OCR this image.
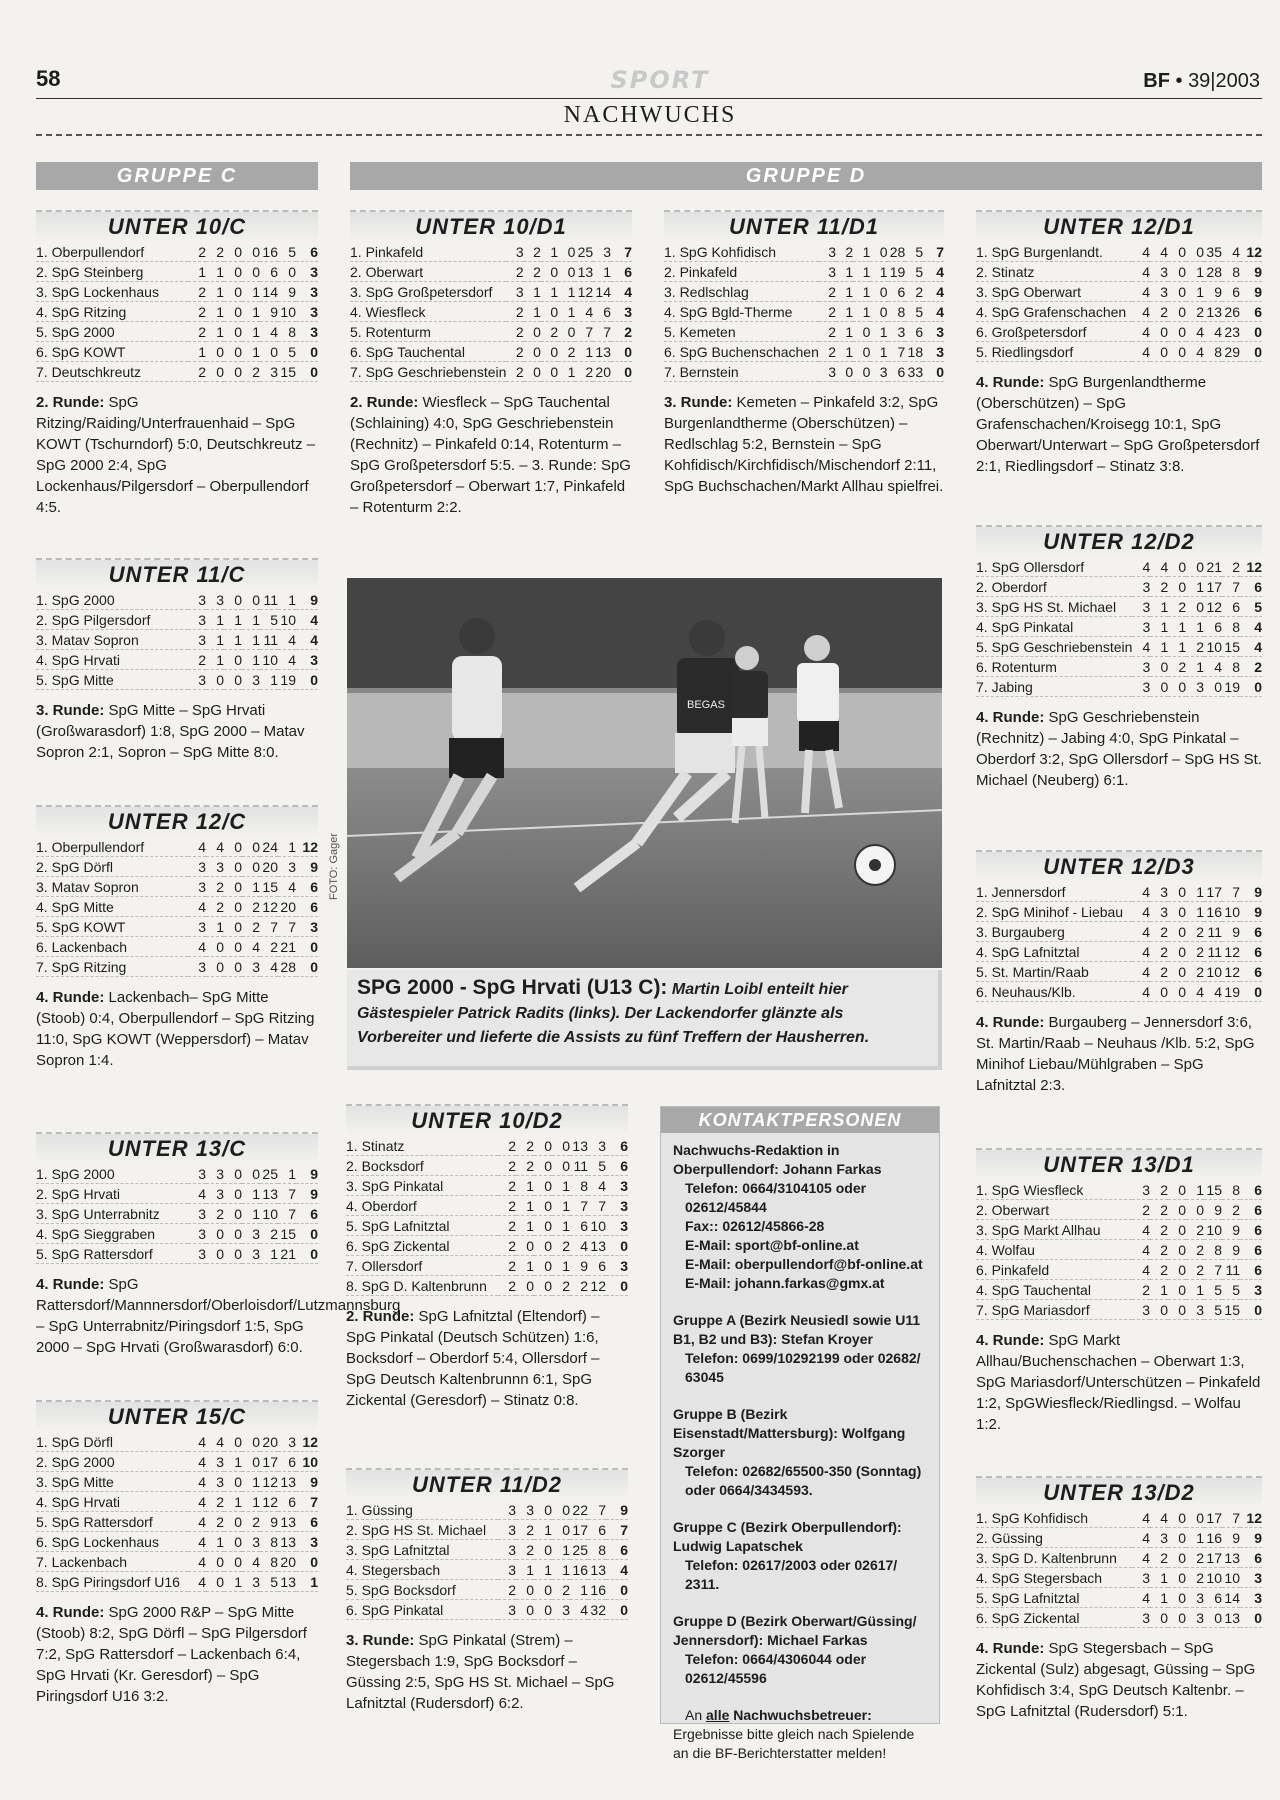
58	SPORT	BF • 39|2003
NACHWUCHS
GRUPPE C	GRUPPE D
UNTER 10/C
1. Oberpullendorf	2	2	0	0	16	5	6
2. SpG Steinberg	1	1	0	0	6	0	3
3. SpG Lockenhaus	2	1	0	1	14	9	3
4. SpG Ritzing	2	1	0	1	9	10	3
5. SpG 2000	2	1	0	1	4	8	3
6. SpG KOWT	1	0	0	1	0	5	0
7. Deutschkreutz	2	0	0	2	3	15	0
2. Runde: SpG Ritzing/Raiding/Unterfrauenhaid – SpG KOWT (Tschurndorf) 5:0, Deutschkreutz – SpG 2000 2:4, SpG Lockenhaus/Pilgersdorf – Oberpullendorf 4:5.
UNTER 11/C
1. SpG 2000	3	3	0	0	11	1	9
2. SpG Pilgersdorf	3	1	1	1	5	10	4
3. Matav Sopron	3	1	1	1	11	4	4
4. SpG Hrvati	2	1	0	1	10	4	3
5. SpG Mitte	3	0	0	3	1	19	0
3. Runde: SpG Mitte – SpG Hrvati (Großwarasdorf) 1:8, SpG 2000 – Matav Sopron 2:1, Sopron – SpG Mitte 8:0.
UNTER 12/C
1. Oberpullendorf	4	4	0	0	24	1	12
2. SpG Dörfl	3	3	0	0	20	3	9
3. Matav Sopron	3	2	0	1	15	4	6
4. SpG Mitte	4	2	0	2	12	20	6
5. SpG KOWT	3	1	0	2	7	7	3
6. Lackenbach	4	0	0	4	2	21	0
7. SpG Ritzing	3	0	0	3	4	28	0
4. Runde: Lackenbach– SpG Mitte (Stoob) 0:4, Oberpullendorf – SpG Ritzing 11:0, SpG KOWT (Weppersdorf) – Matav Sopron 1:4.
UNTER 13/C
1. SpG 2000	3	3	0	0	25	1	9
2. SpG Hrvati	4	3	0	1	13	7	9
3. SpG Unterrabnitz	3	2	0	1	10	7	6
4. SpG Sieggraben	3	0	0	3	2	15	0
5. SpG Rattersdorf	3	0	0	3	1	21	0
4. Runde: SpG Rattersdorf/Mannnersdorf/Oberloisdorf/Lutzmannsburg – SpG Unterrabnitz/Piringsdorf 1:5, SpG 2000 – SpG Hrvati (Großwarasdorf) 6:0.
UNTER 15/C
1. SpG Dörfl	4	4	0	0	20	3	12
2. SpG 2000	4	3	1	0	17	6	10
3. SpG Mitte	4	3	0	1	12	13	9
4. SpG Hrvati	4	2	1	1	12	6	7
5. SpG Rattersdorf	4	2	0	2	9	13	6
6. SpG Lockenhaus	4	1	0	3	8	13	3
7. Lackenbach	4	0	0	4	8	20	0
8. SpG Piringsdorf U16	4	0	1	3	5	13	1
4. Runde: SpG 2000 R&P – SpG Mitte (Stoob) 8:2, SpG Dörfl – SpG Pilgersdorf 7:2, SpG Rattersdorf – Lackenbach 6:4, SpG Hrvati (Kr. Geresdorf) – SpG Piringsdorf U16 3:2.
UNTER 10/D1
1. Pinkafeld	3	2	1	0	25	3	7
2. Oberwart	2	2	0	0	13	1	6
3. SpG Großpetersdorf	3	1	1	1	12	14	4
4. Wiesfleck	2	1	0	1	4	6	3
5. Rotenturm	2	0	2	0	7	7	2
6. SpG Tauchental	2	0	0	2	1	13	0
7. SpG Geschriebenstein	2	0	0	1	2	20	0
2. Runde: Wiesfleck – SpG Tauchental (Schlaining) 4:0, SpG Geschriebenstein (Rechnitz) – Pinkafeld 0:14, Rotenturm – SpG Großpetersdorf 5:5. – 3. Runde: SpG Großpetersdorf – Oberwart 1:7, Pinkafeld – Rotenturm 2:2.
UNTER 11/D1
1. SpG Kohfidisch	3	2	1	0	28	5	7
2. Pinkafeld	3	1	1	1	19	5	4
3. Redlschlag	2	1	1	0	6	2	4
4. SpG Bgld-Therme	2	1	1	0	8	5	4
5. Kemeten	2	1	0	1	3	6	3
6. SpG Buchenschachen	2	1	0	1	7	18	3
7. Bernstein	3	0	0	3	6	33	0
3. Runde: Kemeten – Pinkafeld 3:2, SpG Burgenlandtherme (Oberschützen) – Redlschlag 5:2, Bernstein – SpG Kohfidisch/Kirchfidisch/Mischendorf 2:11, SpG Buchschachen/Markt Allhau spielfrei.
UNTER 12/D1
1. SpG Burgenlandt.	4	4	0	0	35	4	12
2. Stinatz	4	3	0	1	28	8	9
3. SpG Oberwart	4	3	0	1	9	6	9
4. SpG Grafenschachen	4	2	0	2	13	26	6
6. Großpetersdorf	4	0	0	4	4	23	0
5. Riedlingsdorf	4	0	0	4	8	29	0
4. Runde: SpG Burgenlandtherme (Oberschützen) – SpG Grafenschachen/Kroisegg 10:1, SpG Oberwart/Unterwart – SpG Großpetersdorf 2:1, Riedlingsdorf – Stinatz 3:8.
UNTER 12/D2
1. SpG Ollersdorf	4	4	0	0	21	2	12
2. Oberdorf	3	2	0	1	17	7	6
3. SpG HS St. Michael	3	1	2	0	12	6	5
4. SpG Pinkatal	3	1	1	1	6	8	4
5. SpG Geschriebenstein	4	1	1	2	10	15	4
6. Rotenturm	3	0	2	1	4	8	2
7. Jabing	3	0	0	3	0	19	0
4. Runde: SpG Geschriebenstein (Rechnitz) – Jabing 4:0, SpG Pinkatal – Oberdorf 3:2, SpG Ollersdorf – SpG HS St. Michael (Neuberg) 6:1.
UNTER 12/D3
1. Jennersdorf	4	3	0	1	17	7	9
2. SpG Minihof - Liebau	4	3	0	1	16	10	9
3. Burgauberg	4	2	0	2	11	9	6
4. SpG Lafnitztal	4	2	0	2	11	12	6
5. St. Martin/Raab	4	2	0	2	10	12	6
6. Neuhaus/Klb.	4	0	0	4	4	19	0
4. Runde: Burgauberg – Jennersdorf 3:6, St. Martin/Raab – Neuhaus /Klb. 5:2, SpG Minihof Liebau/Mühlgraben – SpG Lafnitztal 2:3.
UNTER 13/D1
1. SpG Wiesfleck	3	2	0	1	15	8	6
2. Oberwart	2	2	0	0	9	2	6
3. SpG Markt Allhau	4	2	0	2	10	9	6
4. Wolfau	4	2	0	2	8	9	6
6. Pinkafeld	4	2	0	2	7	11	6
4. SpG Tauchental	2	1	0	1	5	5	3
7. SpG Mariasdorf	3	0	0	3	5	15	0
4. Runde: SpG Markt Allhau/Buchenschachen – Oberwart 1:3, SpG Mariasdorf/Unterschützen – Pinkafeld 1:2, SpGWiesfleck/Riedlingsd. – Wolfau 1:2.
UNTER 13/D2
1. SpG Kohfidisch	4	4	0	0	17	7	12
2. Güssing	4	3	0	1	16	9	9
3. SpG D. Kaltenbrunn	4	2	0	2	17	13	6
4. SpG Stegersbach	3	1	0	2	10	10	3
5. SpG Lafnitztal	4	1	0	3	6	14	3
6. SpG Zickental	3	0	0	3	0	13	0
4. Runde: SpG Stegersbach – SpG Zickental (Sulz) abgesagt, Güssing – SpG Kohfidisch 3:4, SpG Deutsch Kaltenbr. – SpG Lafnitztal (Rudersdorf) 5:1.
UNTER 10/D2
1. Stinatz	2	2	0	0	13	3	6
2. Bocksdorf	2	2	0	0	11	5	6
3. SpG Pinkatal	2	1	0	1	8	4	3
4. Oberdorf	2	1	0	1	7	7	3
5. SpG Lafnitztal	2	1	0	1	6	10	3
6. SpG Zickental	2	0	0	2	4	13	0
7. Ollersdorf	2	1	0	1	9	6	3
8. SpG D. Kaltenbrunn	2	0	0	2	2	12	0
2. Runde: SpG Lafnitztal (Eltendorf) –SpG Pinkatal (Deutsch Schützen) 1:6, Bocksdorf – Oberdorf 5:4, Ollersdorf – SpG Deutsch Kaltenbrunnn 6:1, SpG Zickental (Geresdorf) – Stinatz 0:8.
UNTER 11/D2
1. Güssing	3	3	0	0	22	7	9
2. SpG HS St. Michael	3	2	1	0	17	6	7
3. SpG Lafnitztal	3	2	0	1	25	8	6
4. Stegersbach	3	1	1	1	16	13	4
5. SpG Bocksdorf	2	0	0	2	1	16	0
6. SpG Pinkatal	3	0	0	3	4	32	0
3. Runde: SpG Pinkatal (Strem) – Stegersbach 1:9, SpG Bocksdorf – Güssing 2:5, SpG HS St. Michael – SpG Lafnitztal (Rudersdorf) 6:2.
BEGAS
FOTO: Gager
SPG 2000 - SpG Hrvati (U13 C): Martin Loibl enteilt hier Gästespieler Patrick Radits (links). Der Lackendorfer glänzte als Vorbereiter und lieferte die Assists zu fünf Treffern der Hausherren.
KONTAKTPERSONEN

Nachwuchs-Redaktion in Oberpullendorf: Johann Farkas
Telefon: 0664/3104105 oder 02612/45844
Fax:: 02612/45866-28
E-Mail: sport@bf-online.at
E-Mail: oberpullendorf@bf-online.at
E-Mail: johann.farkas@gmx.at

Gruppe A (Bezirk Neusiedl sowie U11 B1, B2 und B3): Stefan Kroyer
Telefon: 0699/10292199 oder 02682/ 63045

Gruppe B (Bezirk Eisenstadt/Mattersburg): Wolfgang Szorger
Telefon: 02682/65500-350 (Sonntag) oder 0664/3434593.

Gruppe C (Bezirk Oberpullendorf): Ludwig Lapatschek
Telefon: 02617/2003 oder 02617/ 2311.

Gruppe D (Bezirk Oberwart/Güssing/ Jennersdorf): Michael Farkas
Telefon: 0664/4306044 oder 02612/45596

An alle Nachwuchsbetreuer: Ergebnisse bitte gleich nach Spielende an die BF-Berichterstatter melden!
